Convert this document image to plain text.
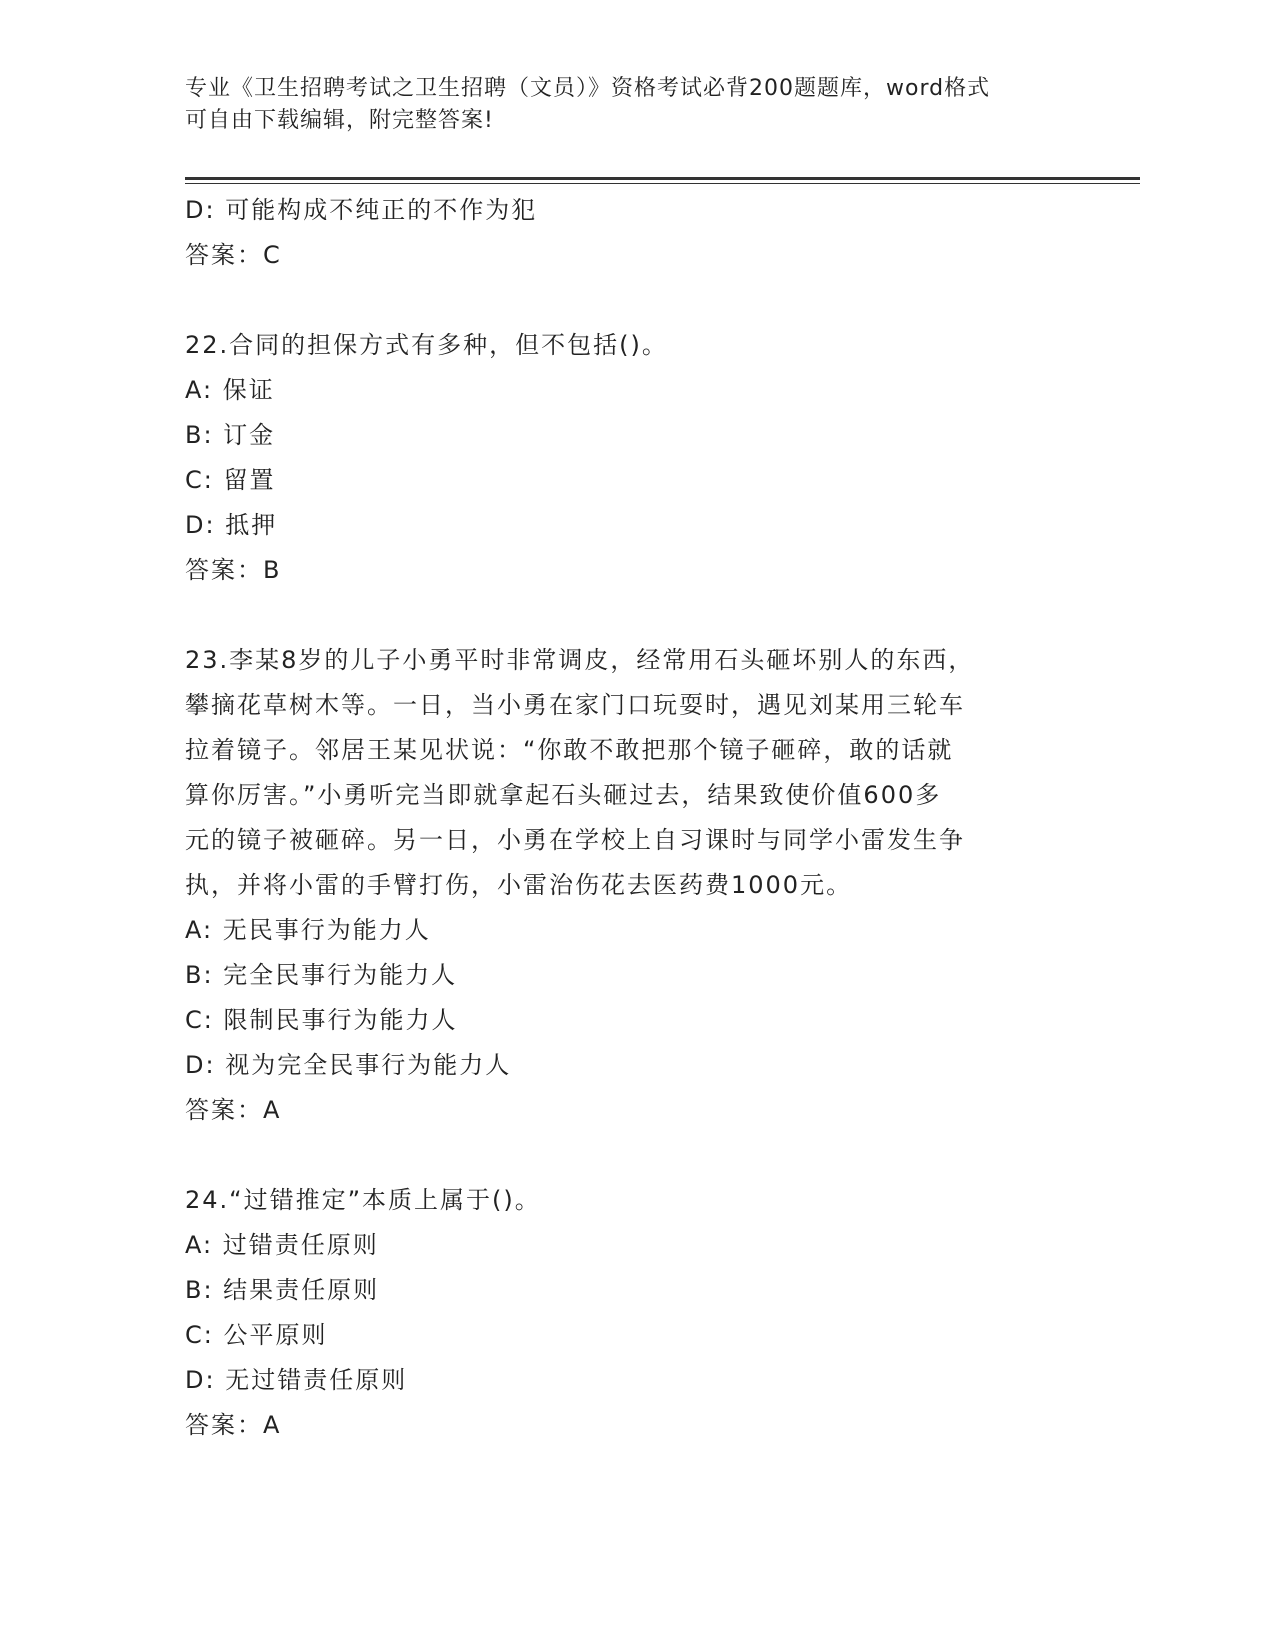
专业《卫生招聘考试之卫生招聘（文员）》资格考试必背200题题库，word格式
可自由下载编辑，附完整答案!
D: 可能构成不纯正的不作为犯
答案：C
22.合同的担保方式有多种，但不包括()。
A: 保证
B: 订金
C: 留置
D: 抵押
答案：B
23.李某8岁的儿子小勇平时非常调皮，经常用石头砸坏别人的东西，
攀摘花草树木等。一日，当小勇在家门口玩耍时，遇见刘某用三轮车
拉着镜子。邻居王某见状说：“你敢不敢把那个镜子砸碎，敢的话就
算你厉害。”小勇听完当即就拿起石头砸过去，结果致使价值600多
元的镜子被砸碎。另一日，小勇在学校上自习课时与同学小雷发生争
执，并将小雷的手臂打伤，小雷治伤花去医药费1000元。
A: 无民事行为能力人
B: 完全民事行为能力人
C: 限制民事行为能力人
D: 视为完全民事行为能力人
答案：A
24.“过错推定”本质上属于()。
A: 过错责任原则
B: 结果责任原则
C: 公平原则
D: 无过错责任原则
答案：A
